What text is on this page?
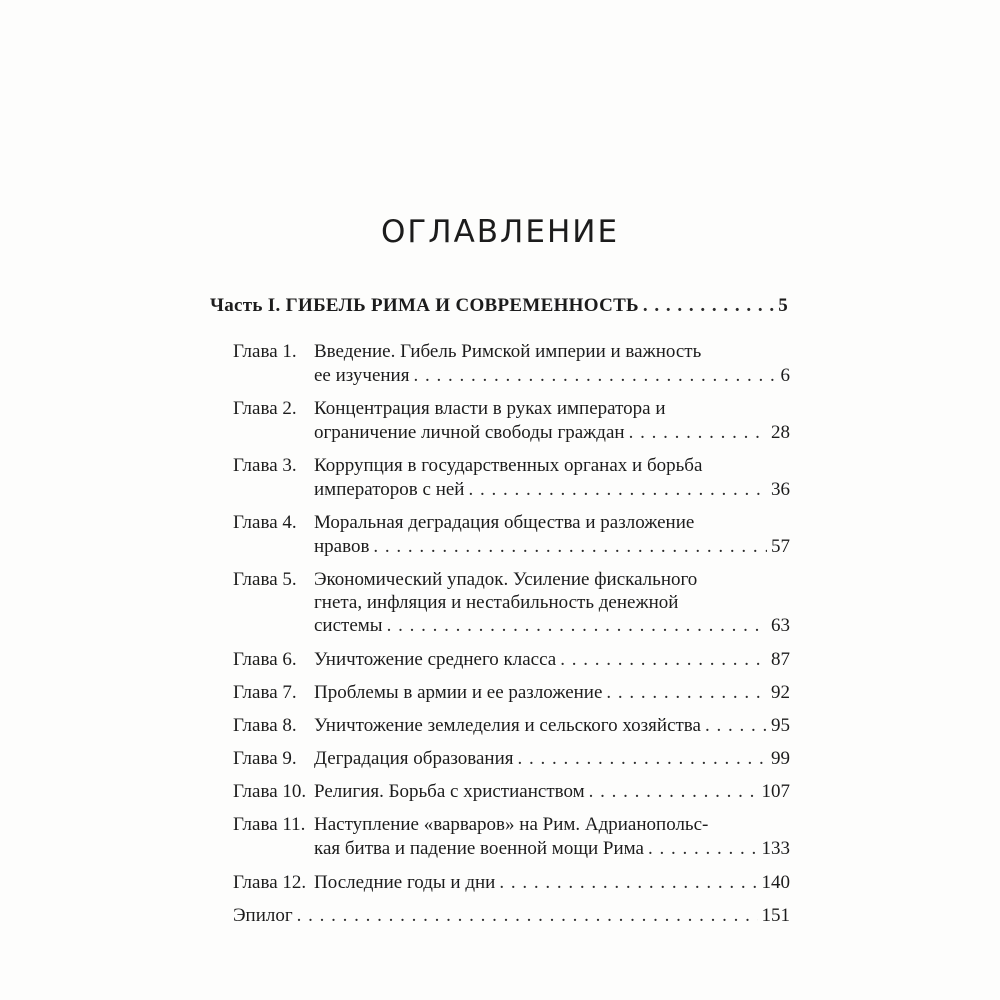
ОГЛАВЛЕНИЕ
Часть I. ГИБЕЛЬ РИМА И СОВРЕМЕННОСТЬ . . .	5
Глава 1. Введение. Гибель Римской империи и важность
ее изучения . . .	6
Глава 2. Концентрация власти в руках императора и
ограничение личной свободы граждан . . .	28
Глава 3. Коррупция в государственных органах и борьба
императоров с ней . . .	36
Глава 4. Моральная деградация общества и разложение
нравов . . .	57
Глава 5. Экономический упадок. Усиление фискального
гнета, инфляция и нестабильность денежной
системы . . .	63
Глава 6. Уничтожение среднего класса . . .	87
Глава 7. Проблемы в армии и ее разложение . . .	92
Глава 8. Уничтожение земледелия и сельского хозяйства . . .	95
Глава 9. Деградация образования . . .	99
Глава 10. Религия. Борьба с христианством . . .	107
Глава 11. Наступление «варваров» на Рим. Адрианопольс-
кая битва и падение военной мощи Рима . . .	133
Глава 12. Последние годы и дни . . .	140
Эпилог . . .	151
